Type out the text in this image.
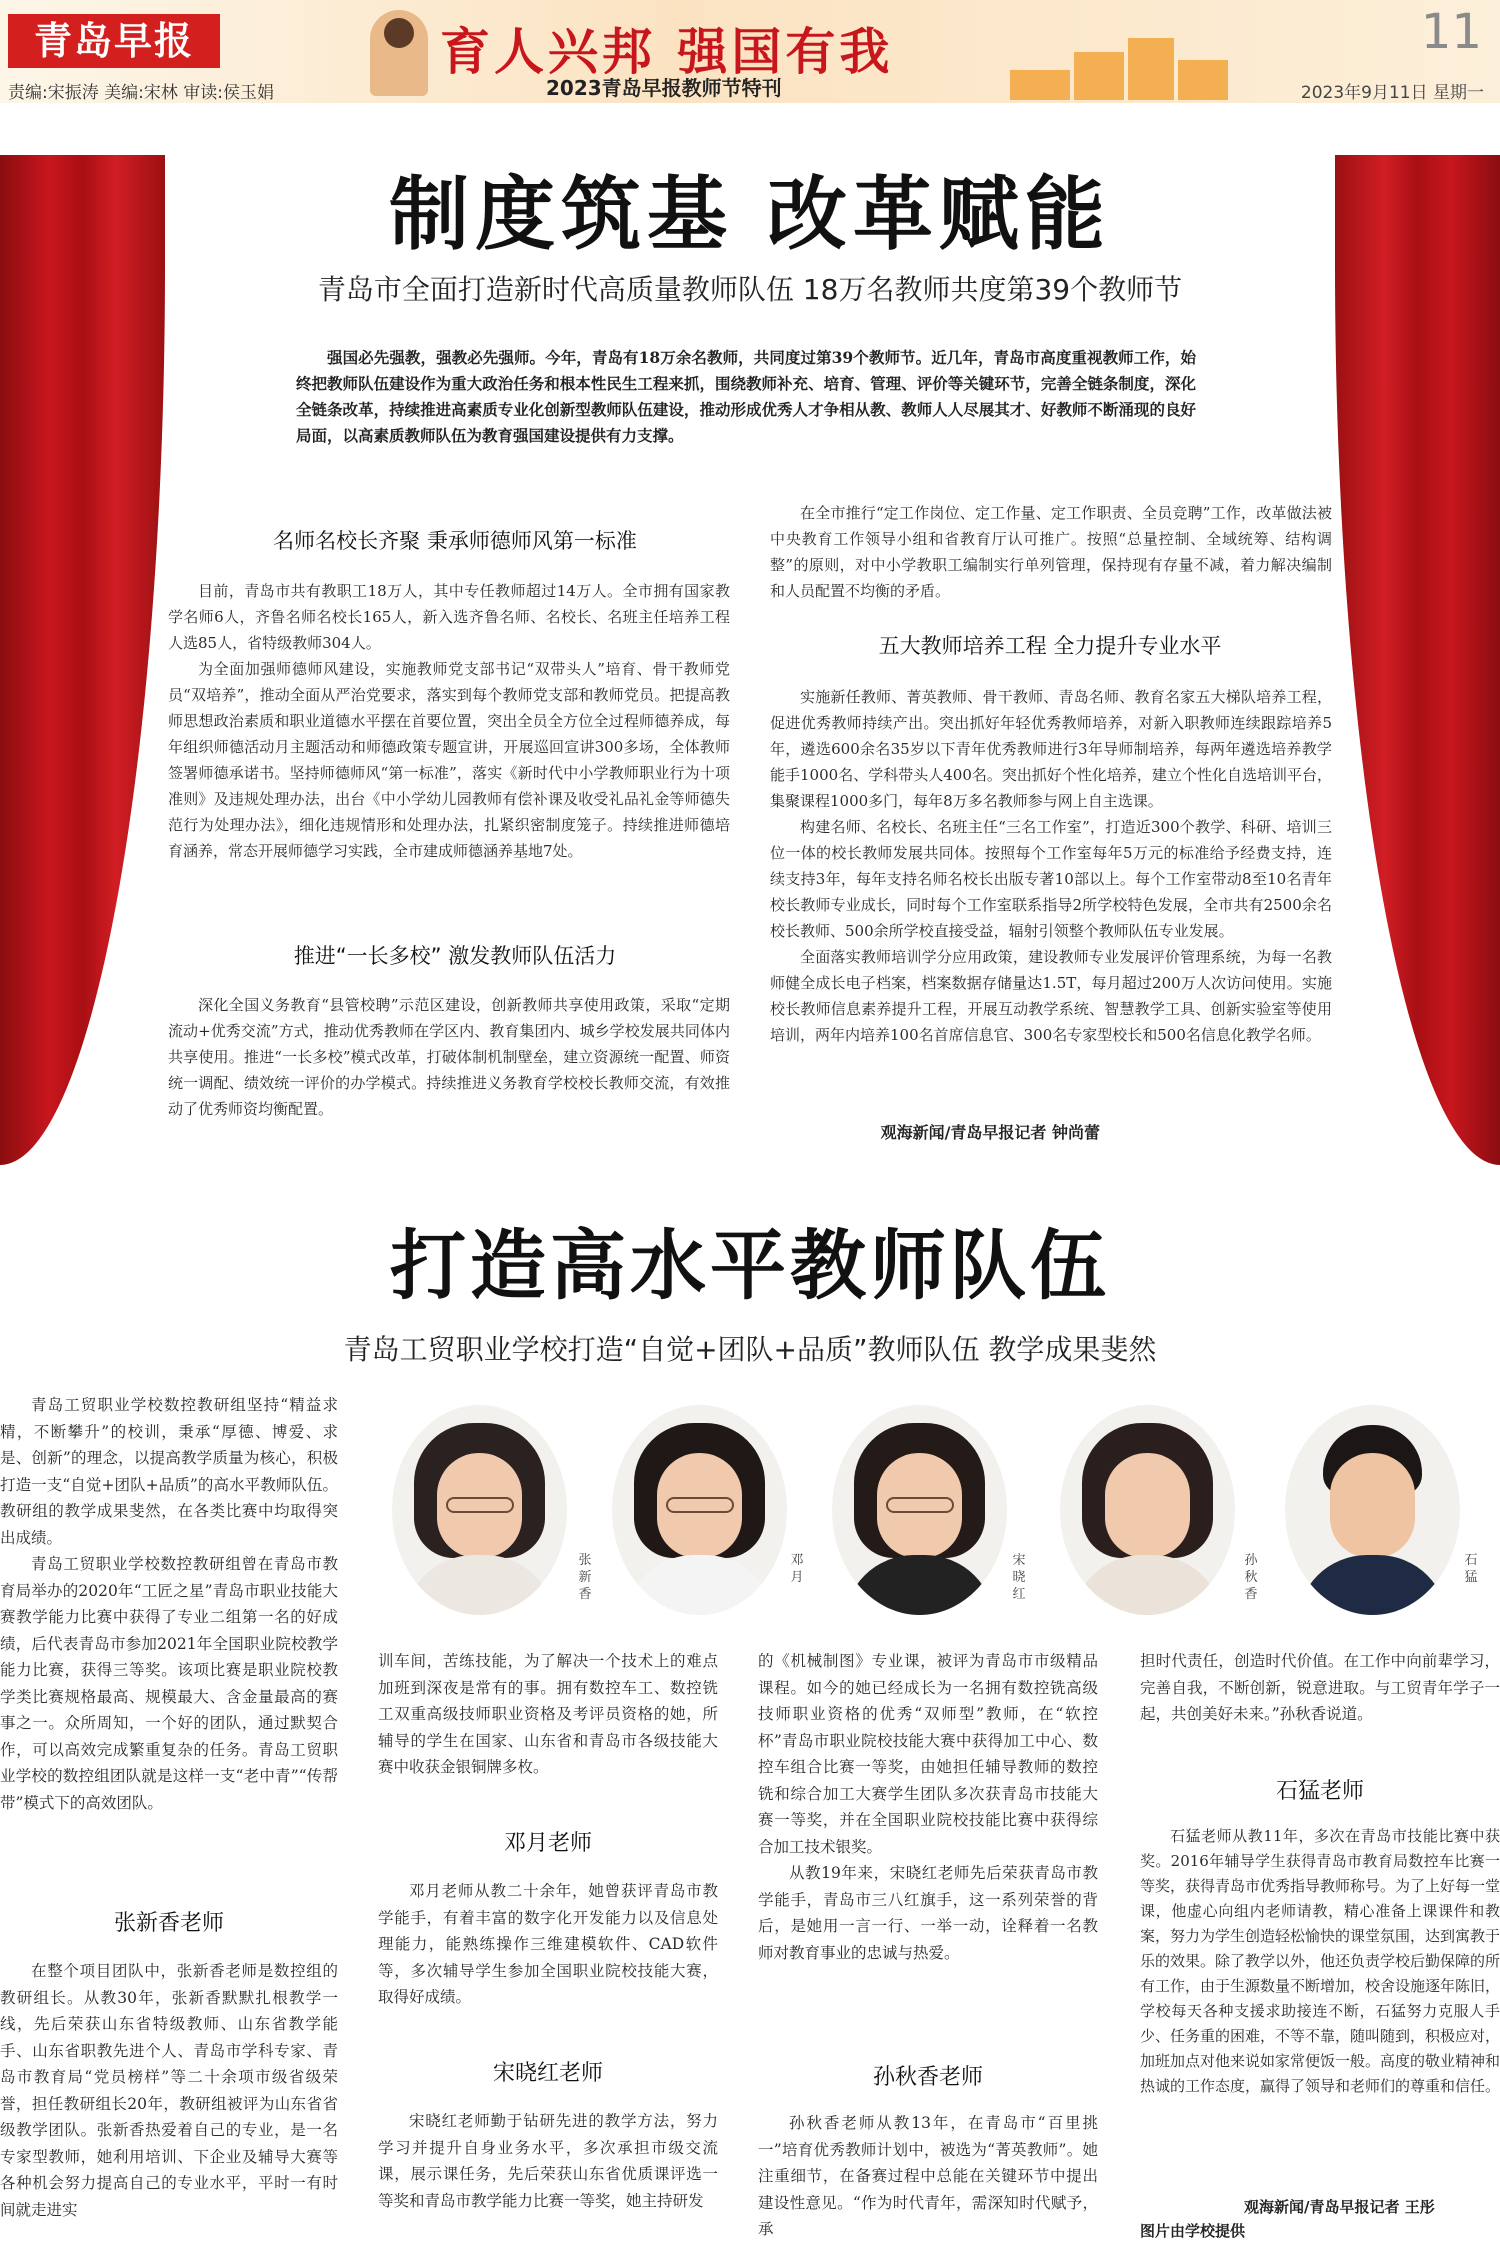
青岛早报
责编:宋振涛 美编:宋林 审读:侯玉娟
育人兴邦 强国有我
2023青岛早报教师节特刊
11
2023年9月11日 星期一
制度筑基 改革赋能
青岛市全面打造新时代高质量教师队伍 18万名教师共度第39个教师节
强国必先强教，强教必先强师。今年，青岛有18万余名教师，共同度过第39个教师节。近几年，青岛市高度重视教师工作，始终把教师队伍建设作为重大政治任务和根本性民生工程来抓，围绕教师补充、培育、管理、评价等关键环节，完善全链条制度，深化全链条改革，持续推进高素质专业化创新型教师队伍建设，推动形成优秀人才争相从教、教师人人尽展其才、好教师不断涌现的良好局面，以高素质教师队伍为教育强国建设提供有力支撑。
名师名校长齐聚 秉承师德师风第一标准

目前，青岛市共有教职工18万人，其中专任教师超过14万人。全市拥有国家教学名师6人，齐鲁名师名校长165人，新入选齐鲁名师、名校长、名班主任培养工程人选85人，省特级教师304人。

为全面加强师德师风建设，实施教师党支部书记“双带头人”培育、骨干教师党员“双培养”，推动全面从严治党要求，落实到每个教师党支部和教师党员。把提高教师思想政治素质和职业道德水平摆在首要位置，突出全员全方位全过程师德养成，每年组织师德活动月主题活动和师德政策专题宣讲，开展巡回宣讲300多场，全体教师签署师德承诺书。坚持师德师风“第一标准”，落实《新时代中小学教师职业行为十项准则》及违规处理办法，出台《中小学幼儿园教师有偿补课及收受礼品礼金等师德失范行为处理办法》，细化违规情形和处理办法，扎紧织密制度笼子。持续推进师德培育涵养，常态开展师德学习实践，全市建成师德涵养基地7处。

推进“一长多校” 激发教师队伍活力

深化全国义务教育“县管校聘”示范区建设，创新教师共享使用政策，采取“定期流动+优秀交流”方式，推动优秀教师在学区内、教育集团内、城乡学校发展共同体内共享使用。推进“一长多校”模式改革，打破体制机制壁垒，建立资源统一配置、师资统一调配、绩效统一评价的办学模式。持续推进义务教育学校校长教师交流，有效推动了优秀师资均衡配置。

在全市推行“定工作岗位、定工作量、定工作职责、全员竞聘”工作，改革做法被中央教育工作领导小组和省教育厅认可推广。按照“总量控制、全域统筹、结构调整”的原则，对中小学教职工编制实行单列管理，保持现有存量不减，着力解决编制和人员配置不均衡的矛盾。

五大教师培养工程 全力提升专业水平

实施新任教师、菁英教师、骨干教师、青岛名师、教育名家五大梯队培养工程，促进优秀教师持续产出。突出抓好年轻优秀教师培养，对新入职教师连续跟踪培养5年，遴选600余名35岁以下青年优秀教师进行3年导师制培养，每两年遴选培养教学能手1000名、学科带头人400名。突出抓好个性化培养，建立个性化自选培训平台，集聚课程1000多门，每年8万多名教师参与网上自主选课。

构建名师、名校长、名班主任“三名工作室”，打造近300个教学、科研、培训三位一体的校长教师发展共同体。按照每个工作室每年5万元的标准给予经费支持，连续支持3年，每年支持名师名校长出版专著10部以上。每个工作室带动8至10名青年校长教师专业成长，同时每个工作室联系指导2所学校特色发展，全市共有2500余名校长教师、500余所学校直接受益，辐射引领整个教师队伍专业发展。

全面落实教师培训学分应用政策，建设教师专业发展评价管理系统，为每一名教师健全成长电子档案，档案数据存储量达1.5T，每月超过200万人次访问使用。实施校长教师信息素养提升工程，开展互动教学系统、智慧教学工具、创新实验室等使用培训，两年内培养100名首席信息官、300名专家型校长和500名信息化教学名师。

观海新闻/青岛早报记者 钟尚蕾
打造高水平教师队伍
青岛工贸职业学校打造“自觉+团队+品质”教师队伍 教学成果斐然

青岛工贸职业学校数控教研组坚持“精益求精，不断攀升”的校训，秉承“厚德、博爱、求是、创新”的理念，以提高教学质量为核心，积极打造一支“自觉+团队+品质”的高水平教师队伍。教研组的教学成果斐然，在各类比赛中均取得突出成绩。

青岛工贸职业学校数控教研组曾在青岛市教育局举办的2020年“工匠之星”青岛市职业技能大赛教学能力比赛中获得了专业二组第一名的好成绩，后代表青岛市参加2021年全国职业院校教学能力比赛，获得三等奖。该项比赛是职业院校教学类比赛规格最高、规模最大、含金量最高的赛事之一。众所周知，一个好的团队，通过默契合作，可以高效完成繁重复杂的任务。青岛工贸职业学校的数控组团队就是这样一支“老中青”“传帮带”模式下的高效团队。

张新香老师

在整个项目团队中，张新香老师是数控组的教研组长。从教30年，张新香默默扎根教学一线，先后荣获山东省特级教师、山东省教学能手、山东省职教先进个人、青岛市学科专家、青岛市教育局“党员榜样”等二十余项市级省级荣誉，担任教研组长20年，教研组被评为山东省省级教学团队。张新香热爱着自己的专业，是一名专家型教师，她利用培训、下企业及辅导大赛等各种机会努力提高自己的专业水平，平时一有时间就走进实

张新香
邓月
宋晓红
孙秋香
石猛

训车间，苦练技能，为了解决一个技术上的难点加班到深夜是常有的事。拥有数控车工、数控铣工双重高级技师职业资格及考评员资格的她，所辅导的学生在国家、山东省和青岛市各级技能大赛中收获金银铜牌多枚。

邓月老师

邓月老师从教二十余年，她曾获评青岛市教学能手，有着丰富的数字化开发能力以及信息处理能力，能熟练操作三维建模软件、CAD软件等，多次辅导学生参加全国职业院校技能大赛，取得好成绩。

宋晓红老师

宋晓红老师勤于钻研先进的教学方法，努力学习并提升自身业务水平，多次承担市级交流课，展示课任务，先后荣获山东省优质课评选一等奖和青岛市教学能力比赛一等奖，她主持研发

的《机械制图》专业课，被评为青岛市市级精品课程。如今的她已经成长为一名拥有数控铣高级技师职业资格的优秀“双师型”教师，在“软控杯”青岛市职业院校技能大赛中获得加工中心、数控车组合比赛一等奖，由她担任辅导教师的数控铣和综合加工大赛学生团队多次获青岛市技能大赛一等奖，并在全国职业院校技能比赛中获得综合加工技术银奖。

从教19年来，宋晓红老师先后荣获青岛市教学能手，青岛市三八红旗手，这一系列荣誉的背后，是她用一言一行、一举一动，诠释着一名教师对教育事业的忠诚与热爱。

孙秋香老师

孙秋香老师从教13年，在青岛市“百里挑一”培育优秀教师计划中，被选为“菁英教师”。她注重细节，在备赛过程中总能在关键环节中提出建设性意见。“作为时代青年，需深知时代赋予，承

担时代责任，创造时代价值。在工作中向前辈学习，完善自我，不断创新，锐意进取。与工贸青年学子一起，共创美好未来。”孙秋香说道。

石猛老师

石猛老师从教11年，多次在青岛市技能比赛中获奖。2016年辅导学生获得青岛市教育局数控车比赛一等奖，获得青岛市优秀指导教师称号。为了上好每一堂课，他虚心向组内老师请教，精心准备上课课件和教案，努力为学生创造轻松愉快的课堂氛围，达到寓教于乐的效果。除了教学以外，他还负责学校后勤保障的所有工作，由于生源数量不断增加，校舍设施逐年陈旧，学校每天各种支援求助接连不断，石猛努力克服人手少、任务重的困难，不等不靠，随叫随到，积极应对，加班加点对他来说如家常便饭一般。高度的敬业精神和热诚的工作态度，赢得了领导和老师们的尊重和信任。

观海新闻/青岛早报记者 王彤
图片由学校提供
